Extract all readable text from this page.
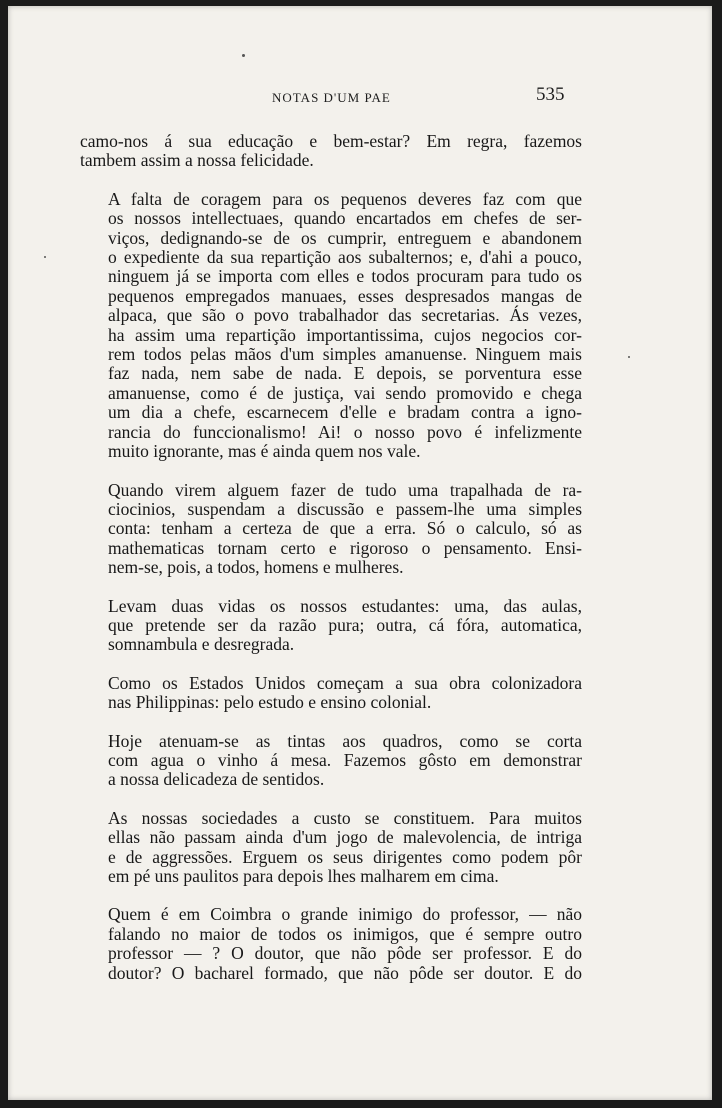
NOTAS D'UM PAE	535

camo-nos á sua educação e bem-estar? Em regra, fazemos
tambem assim a nossa felicidade.

A falta de coragem para os pequenos deveres faz com que
os nossos intellectuaes, quando encartados em chefes de ser-
viços, dedignando-se de os cumprir, entreguem e abandonem
o expediente da sua repartição aos subalternos; e, d'ahi a pouco,
ninguem já se importa com elles e todos procuram para tudo os
pequenos empregados manuaes, esses despresados mangas de
alpaca, que são o povo trabalhador das secretarias. Ás vezes,
ha assim uma repartição importantissima, cujos negocios cor-
rem todos pelas mãos d'um simples amanuense. Ninguem mais
faz nada, nem sabe de nada. E depois, se porventura esse
amanuense, como é de justiça, vai sendo promovido e chega
um dia a chefe, escarnecem d'elle e bradam contra a igno-
rancia do funccionalismo! Ai! o nosso povo é infelizmente
muito ignorante, mas é ainda quem nos vale.

Quando virem alguem fazer de tudo uma trapalhada de ra-
ciocinios, suspendam a discussão e passem-lhe uma simples
conta: tenham a certeza de que a erra. Só o calculo, só as
mathematicas tornam certo e rigoroso o pensamento. Ensi-
nem-se, pois, a todos, homens e mulheres.

Levam duas vidas os nossos estudantes: uma, das aulas,
que pretende ser da razão pura; outra, cá fóra, automatica,
somnambula e desregrada.

Como os Estados Unidos começam a sua obra colonizadora
nas Philippinas: pelo estudo e ensino colonial.

Hoje atenuam-se as tintas aos quadros, como se corta
com agua o vinho á mesa. Fazemos gôsto em demonstrar
a nossa delicadeza de sentidos.

As nossas sociedades a custo se constituem. Para muitos
ellas não passam ainda d'um jogo de malevolencia, de intriga
e de aggressões. Erguem os seus dirigentes como podem pôr
em pé uns paulitos para depois lhes malharem em cima.

Quem é em Coimbra o grande inimigo do professor, — não
falando no maior de todos os inimigos, que é sempre outro
professor — ? O doutor, que não pôde ser professor. E do
doutor? O bacharel formado, que não pôde ser doutor. E do
